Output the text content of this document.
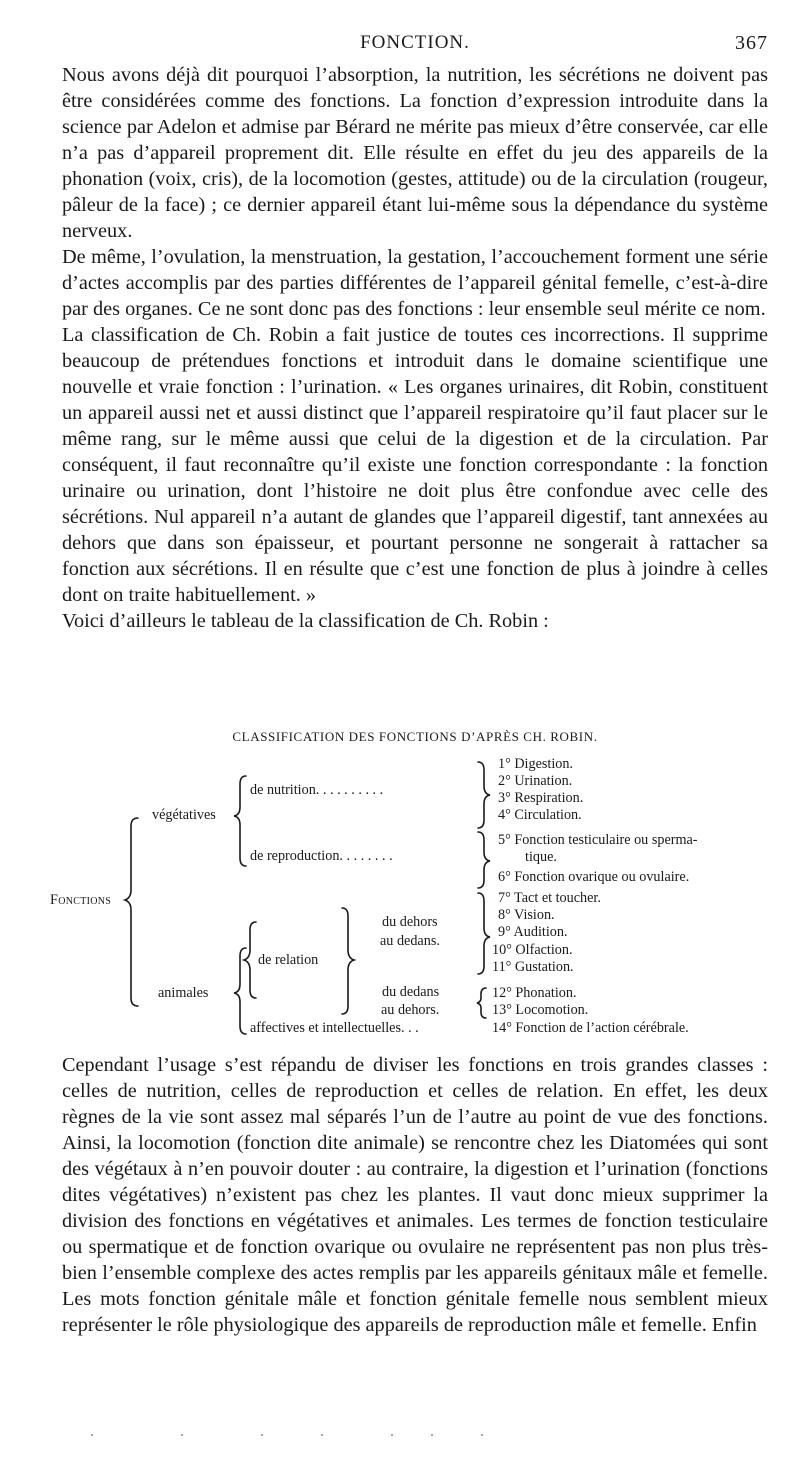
FONCTION.	367

Nous avons déjà dit pourquoi l’absorption, la nutrition, les sécrétions ne doivent pas être considérées comme des fonctions. La fonction d’expression introduite dans la science par Adelon et admise par Bérard ne mérite pas mieux d’être conservée, car elle n’a pas d’appareil proprement dit. Elle résulte en effet du jeu des appareils de la phonation (voix, cris), de la locomotion (gestes, attitude) ou de la circulation (rougeur, pâleur de la face) ; ce dernier appareil étant lui-même sous la dépendance du système nerveux.

De même, l’ovulation, la menstruation, la gestation, l’accouchement forment une série d’actes accomplis par des parties différentes de l’appareil génital femelle, c’est-à-dire par des organes. Ce ne sont donc pas des fonctions : leur ensemble seul mérite ce nom.

La classification de Ch. Robin a fait justice de toutes ces incorrections. Il supprime beaucoup de prétendues fonctions et introduit dans le domaine scientifique une nouvelle et vraie fonction : l’urination. « Les organes urinaires, dit Robin, constituent un appareil aussi net et aussi distinct que l’appareil respiratoire qu’il faut placer sur le même rang, sur le même aussi que celui de la digestion et de la circulation. Par conséquent, il faut reconnaître qu’il existe une fonction correspondante : la fonction urinaire ou urination, dont l’histoire ne doit plus être confondue avec celle des sécrétions. Nul appareil n’a autant de glandes que l’appareil digestif, tant annexées au dehors que dans son épaisseur, et pourtant personne ne songerait à rattacher sa fonction aux sécrétions. Il en résulte que c’est une fonction de plus à joindre à celles dont on traite habituellement. »

Voici d’ailleurs le tableau de la classification de Ch. Robin :

CLASSIFICATION DES FONCTIONS D’APRÈS CH. ROBIN.
Fonctions
végétatives
animales
de nutrition. . . . . . . . . .
de reproduction. . . . . . . .
de relation
du dehors
au dedans.
du dedans
au dehors.
affectives et intellectuelles. . .
1° Digestion.
2° Urination.
3° Respiration.
4° Circulation.
5° Fonction testiculaire ou sperma-
tique.
6° Fonction ovarique ou ovulaire.
7° Tact et toucher.
8° Vision.
9° Audition.
10° Olfaction.
11° Gustation.
12° Phonation.
13° Locomotion.
14° Fonction de l’action cérébrale.

Cependant l’usage s’est répandu de diviser les fonctions en trois grandes classes : celles de nutrition, celles de reproduction et celles de relation. En effet, les deux règnes de la vie sont assez mal séparés l’un de l’autre au point de vue des fonctions. Ainsi, la locomotion (fonction dite animale) se rencontre chez les Diatomées qui sont des végétaux à n’en pouvoir douter : au contraire, la digestion et l’urination (fonctions dites végétatives) n’existent pas chez les plantes. Il vaut donc mieux supprimer la division des fonctions en végétatives et animales. Les termes de fonction testiculaire ou spermatique et de fonction ovarique ou ovulaire ne représentent pas non plus très-bien l’ensemble complexe des actes remplis par les appareils génitaux mâle et femelle. Les mots fonction génitale mâle et fonction génitale femelle nous semblent mieux représenter le rôle physiologique des appareils de reproduction mâle et femelle. Enfin
